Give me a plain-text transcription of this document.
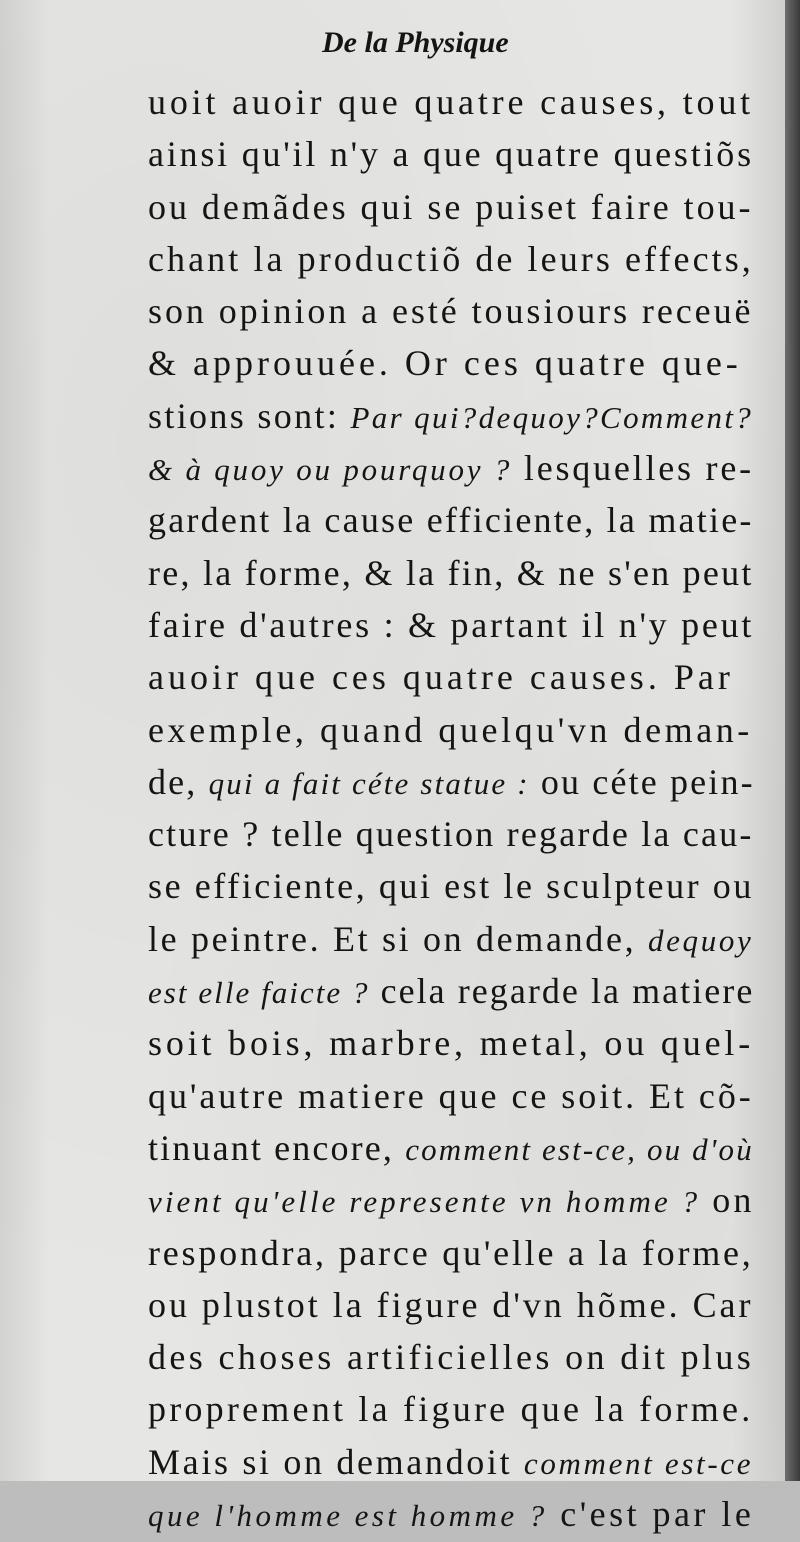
De la Physique
uoit auoir que quatre causes, tout
ainsi qu'il n'y a que quatre questiõs
ou demãdes qui se puiset faire tou-
chant la productiõ de leurs effects,
son opinion a esté tousiours receuë
& approuuée. Or ces quatre que-
stions sont: Par qui?dequoy?Comment?
& à quoy ou pourquoy ? lesquelles re-
gardent la cause efficiente, la matie-
re, la forme, & la fin, & ne s'en peut
faire d'autres : & partant il n'y peut
auoir que ces quatre causes. Par
exemple, quand quelqu'vn deman-
de, qui a fait céte statue : ou céte pein-
cture ? telle question regarde la cau-
se efficiente, qui est le sculpteur ou
le peintre. Et si on demande, dequoy
est elle faicte ? cela regarde la matiere
soit bois, marbre, metal, ou quel-
qu'autre matiere que ce soit. Et cõ-
tinuant encore, comment est-ce, ou d'où
vient qu'elle represente vn homme ? on
respondra, parce qu'elle a la forme,
ou plustot la figure d'vn hõme. Car
des choses artificielles on dit plus
proprement la figure que la forme.
Mais si on demandoit comment est-ce
que l'homme est homme ? c'est par le
